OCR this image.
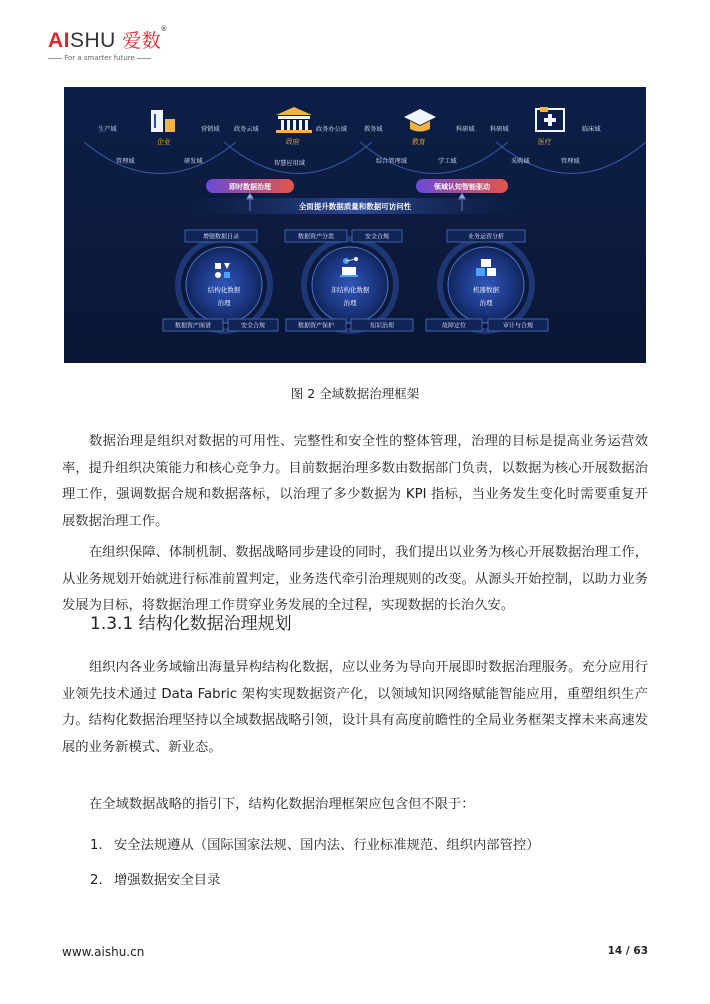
AISHU 爱数®
For a smarter future
生产域	营销域
企业
管理域	研发域
政务云域	政务办公域
政府
智慧应用域
教务域	科研域
教育
综合管理域	学工域
科研域	临床域
医疗
采购域	管理域
即时数据治理	领域认知智能驱动
全面提升数据质量和数据可访问性
结构化数据
治理
非结构化数据
治理
机器数据
治理
增强数据目录	数据资产分类	安全合规	业务运营分析
数据资产图谱	安全合规	数据资产保护	知识治理	故障定位	审计与合规
图 2 全域数据治理框架
数据治理是组织对数据的可用性、完整性和安全性的整体管理，治理的目标是提高业务运营效率，提升组织决策能力和核心竞争力。目前数据治理多数由数据部门负责，以数据为核心开展数据治理工作，强调数据合规和数据落标，以治理了多少数据为 KPI 指标，当业务发生变化时需要重复开展数据治理工作。
在组织保障、体制机制、数据战略同步建设的同时，我们提出以业务为核心开展数据治理工作，从业务规划开始就进行标准前置判定，业务迭代牵引治理规则的改变。从源头开始控制，以助力业务发展为目标，将数据治理工作贯穿业务发展的全过程，实现数据的长治久安。
1.3.1 结构化数据治理规划
组织内各业务域输出海量异构结构化数据，应以业务为导向开展即时数据治理服务。充分应用行业领先技术通过 Data Fabric 架构实现数据资产化，以领域知识网络赋能智能应用，重塑组织生产力。结构化数据治理坚持以全域数据战略引领，设计具有高度前瞻性的全局业务框架支撑未来高速发展的业务新模式、新业态。
在全域数据战略的指引下，结构化数据治理框架应包含但不限于：
1. 安全法规遵从（国际国家法规、国内法、行业标准规范、组织内部管控）
2. 增强数据安全目录
www.aishu.cn	14 / 63
